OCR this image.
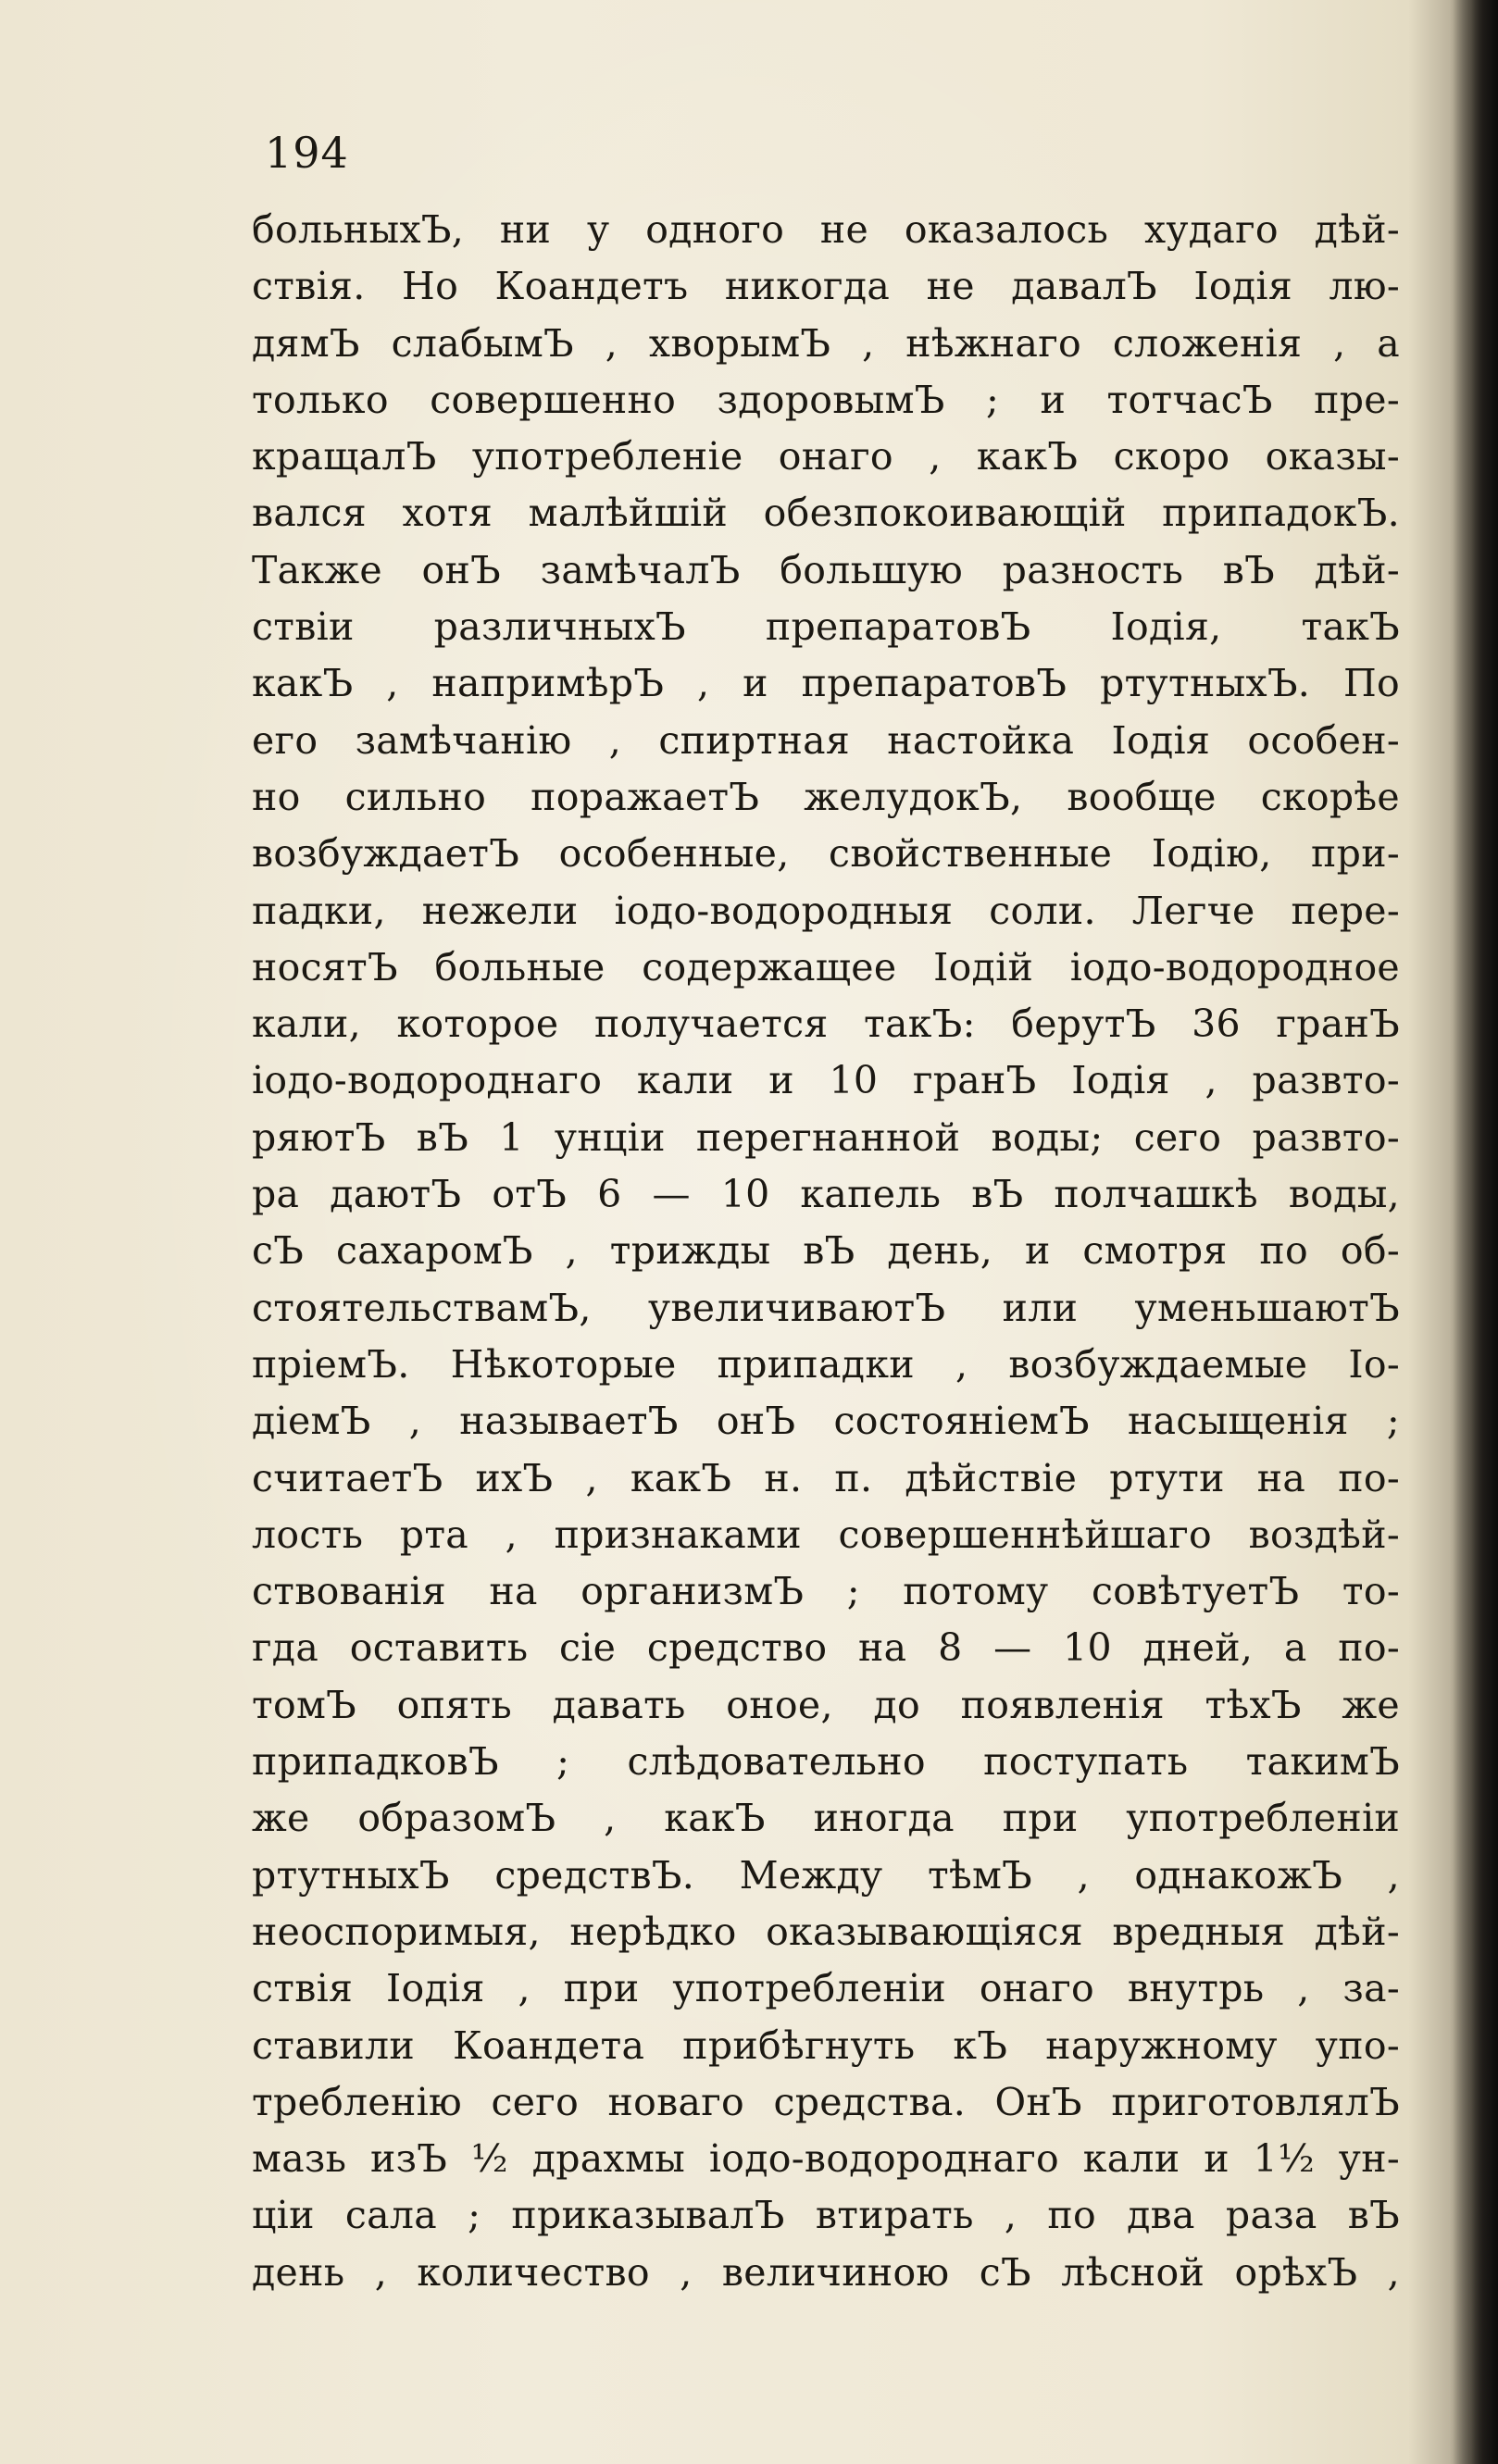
194
больныхЪ, ни у одного не оказалось худаго дѣй-
ствія. Но Коандетъ никогда не давалЪ Іодія лю-
дямЪ слабымЪ , хворымЪ , нѣжнаго сложенія , а
только совершенно здоровымЪ ; и тотчасЪ пре-
кращалЪ употребленіе онаго , какЪ скоро оказы-
вался хотя малѣйшій обезпокоивающій припадокЪ.
Также онЪ замѣчалЪ большую разность вЪ дѣй-
ствіи различныхЪ препаратовЪ Іодія, такЪ
какЪ , напримѣрЪ , и препаратовЪ ртутныхЪ. По
его замѣчанію , спиртная настойка Іодія особен-
но сильно поражаетЪ желудокЪ, вообще скорѣе
возбуждаетЪ особенные, свойственные Іодію, при-
падки, нежели іодо-водородныя соли. Легче пере-
носятЪ больные содержащее Іодій іодо-водородное
кали, которое получается такЪ: берутЪ 36 гранЪ
іодо-водороднаго кали и 10 гранЪ Іодія , развто-
ряютЪ вЪ 1 унціи перегнанной воды; сего развто-
ра даютЪ отЪ 6 — 10 капель вЪ полчашкѣ воды,
сЪ сахаромЪ , трижды вЪ день, и смотря по об-
стоятельствамЪ, увеличиваютЪ или уменьшаютЪ
пріемЪ. Нѣкоторые припадки , возбуждаемые Іо-
діемЪ , называетЪ онЪ состояніемЪ насыщенія ;
считаетЪ ихЪ , какЪ н. п. дѣйствіе ртути на по-
лость рта , признаками совершеннѣйшаго воздѣй-
ствованія на организмЪ ; потому совѣтуетЪ то-
гда оставить сіе средство на 8 — 10 дней, а по-
томЪ опять давать оное, до появленія тѣхЪ же
припадковЪ ; слѣдовательно поступать такимЪ
же образомЪ , какЪ иногда при употребленіи
ртутныхЪ средствЪ. Между тѣмЪ , однакожЪ ,
неоспоримыя, нерѣдко оказывающіяся вредныя дѣй-
ствія Іодія , при употребленіи онаго внутрь , за-
ставили Коандета прибѣгнуть кЪ наружному упо-
требленію сего новаго средства. ОнЪ приготовлялЪ
мазь изЪ ½ драхмы іодо-водороднаго кали и 1½ ун-
ціи сала ; приказывалЪ втирать , по два раза вЪ
день , количество , величиною сЪ лѣсной орѣхЪ ,
